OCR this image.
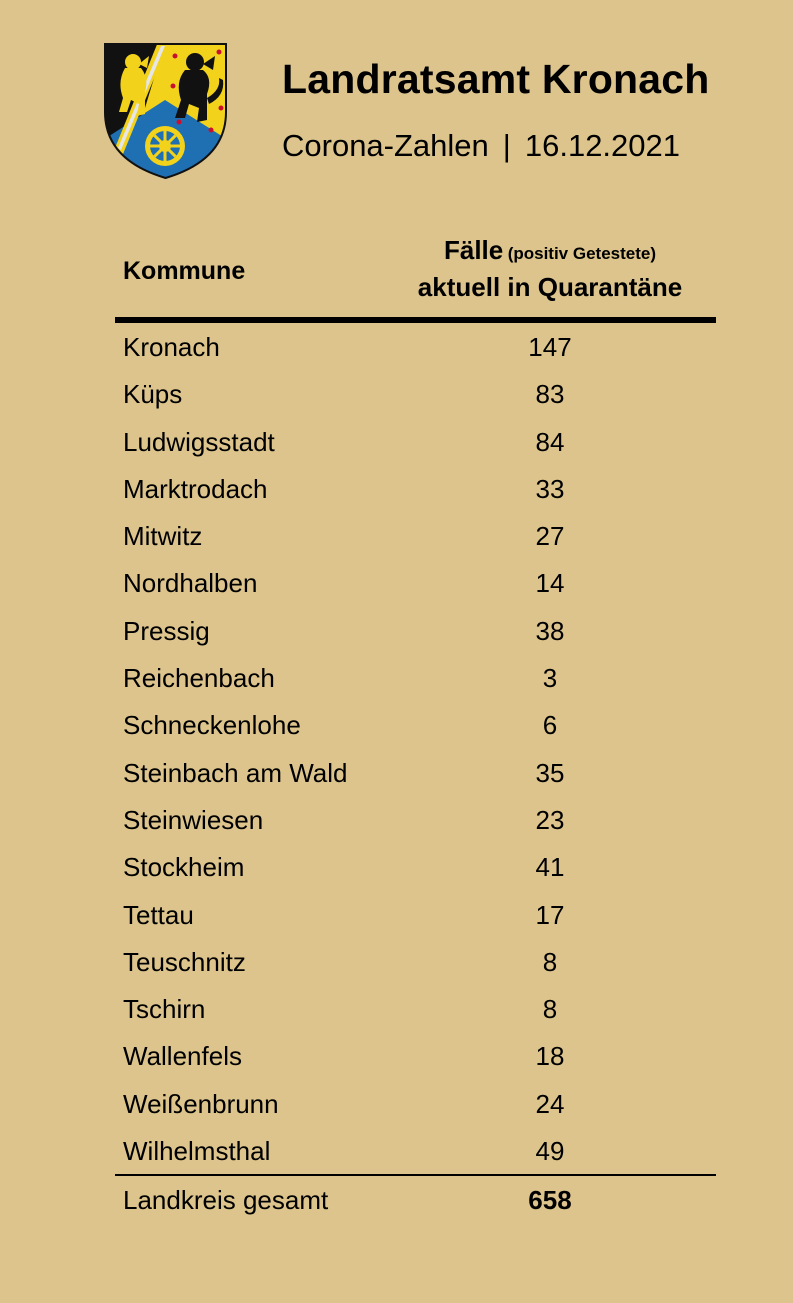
Landratsamt Kronach
Corona-Zahlen | 16.12.2021
Kommune
Fälle (positiv Getestete)
aktuell in Quarantäne
Kronach	147
Küps	83
Ludwigsstadt	84
Marktrodach	33
Mitwitz	27
Nordhalben	14
Pressig	38
Reichenbach	3
Schneckenlohe	6
Steinbach am Wald	35
Steinwiesen	23
Stockheim	41
Tettau	17
Teuschnitz	8
Tschirn	8
Wallenfels	18
Weißenbrunn	24
Wilhelmsthal	49
Landkreis gesamt	658
